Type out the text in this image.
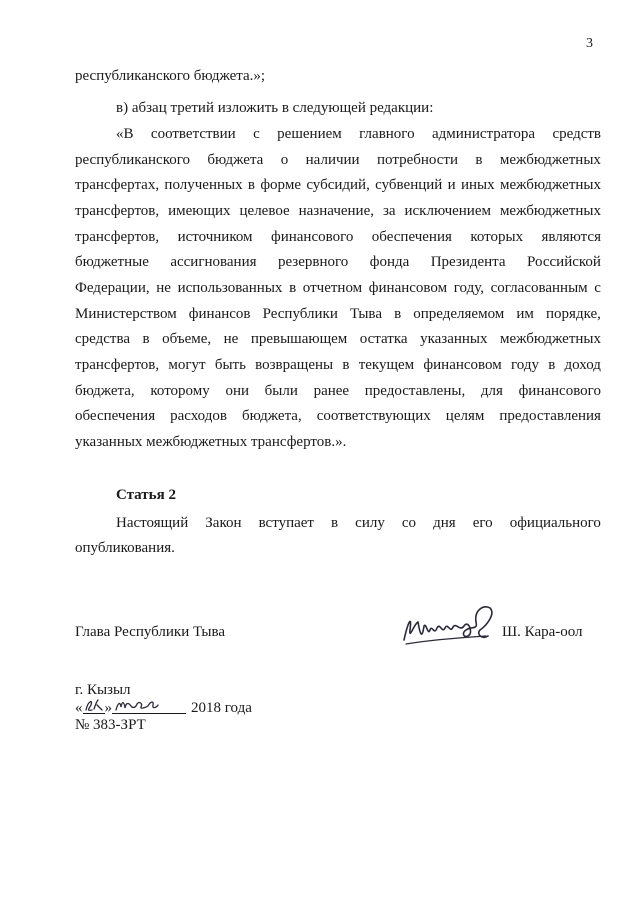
3
республиканского бюджета.»;
в) абзац третий изложить в следующей редакции:
«В соответствии с решением главного администратора средств
республиканского бюджета о наличии потребности в межбюджетных
трансфертах, полученных в форме субсидий, субвенций и иных межбюджетных
трансфертов, имеющих целевое назначение, за исключением межбюджетных
трансфертов, источником финансового обеспечения которых являются
бюджетные ассигнования резервного фонда Президента Российской
Федерации, не использованных в отчетном финансовом году, согласованным с
Министерством финансов Республики Тыва в определяемом им порядке,
средства в объеме, не превышающем остатка указанных межбюджетных
трансфертов, могут быть возвращены в текущем финансовом году в доход
бюджета, которому они были ранее предоставлены, для финансового
обеспечения расходов бюджета, соответствующих целям предоставления
указанных межбюджетных трансфертов.».
Статья 2
Настоящий Закон вступает в силу со дня его официального
опубликования.
Глава Республики Тыва	Ш. Кара-оол
г. Кызыл
« »	2018 года
№ 383-ЗРТ
